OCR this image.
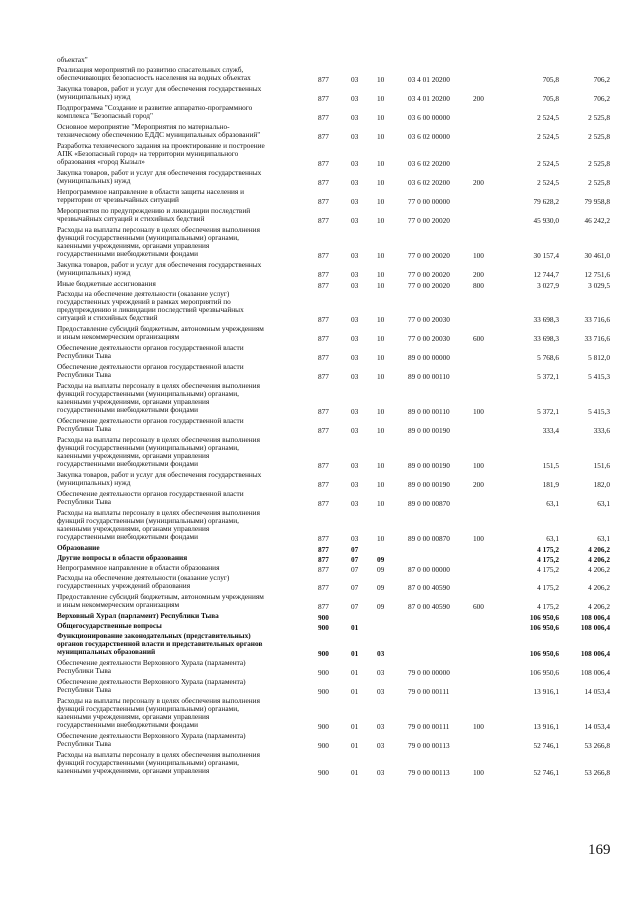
объектах"
Реализация мероприятий по развитию спасательных служб,
обеспечивающих безопасность населения на водных объектах	877	03	10	03 4 01 20200	705,8	706,2
Закупка товаров, работ и услуг для обеспечения государственных
(муниципальных) нужд	877	03	10	03 4 01 20200	200	705,8	706,2
Подпрограмма "Создание и развитие аппаратно-программного
комплекса "Безопасный город"	877	03	10	03 6 00 00000	2 524,5	2 525,8
Основное мероприятие "Мероприятия по материально-
техническому обеспечению ЕДДС муниципальных образований"	877	03	10	03 6 02 00000	2 524,5	2 525,8
Разработка технического задания на проектирование и построение
АПК «Безопасный город» на территории муниципального
образования «город Кызыл»	877	03	10	03 6 02 20200	2 524,5	2 525,8
Закупка товаров, работ и услуг для обеспечения государственных
(муниципальных) нужд	877	03	10	03 6 02 20200	200	2 524,5	2 525,8
Непрограммное направление в области защиты населения и
территории от чрезвычайных ситуаций	877	03	10	77 0 00 00000	79 628,2	79 958,8
Мероприятия по предупреждению и ликвидации последствий
чрезвычайных ситуаций и стихийных бедствий	877	03	10	77 0 00 20020	45 930,0	46 242,2
Расходы на выплаты персоналу в целях обеспечения выполнения
функций государственными (муниципальными) органами,
казенными учреждениями, органами управления
государственными внебюджетными фондами	877	03	10	77 0 00 20020	100	30 157,4	30 461,0
Закупка товаров, работ и услуг для обеспечения государственных
(муниципальных) нужд	877	03	10	77 0 00 20020	200	12 744,7	12 751,6
Иные бюджетные ассигнования	877	03	10	77 0 00 20020	800	3 027,9	3 029,5
Расходы на обеспечение деятельности (оказание услуг)
государственных учреждений в рамках мероприятий по
предупреждению и ликвидации последствий чрезвычайных
ситуаций и стихийных бедствий	877	03	10	77 0 00 20030	33 698,3	33 716,6
Предоставление субсидий бюджетным, автономным учреждениям
и иным некоммерческим организациям	877	03	10	77 0 00 20030	600	33 698,3	33 716,6
Обеспечение деятельности органов государственной власти
Республики Тыва	877	03	10	89 0 00 00000	5 768,6	5 812,0
Обеспечение деятельности органов государственной власти
Республики Тыва	877	03	10	89 0 00 00110	5 372,1	5 415,3
Расходы на выплаты персоналу в целях обеспечения выполнения
функций государственными (муниципальными) органами,
казенными учреждениями, органами управления
государственными внебюджетными фондами	877	03	10	89 0 00 00110	100	5 372,1	5 415,3
Обеспечение деятельности органов государственной власти
Республики Тыва	877	03	10	89 0 00 00190	333,4	333,6
Расходы на выплаты персоналу в целях обеспечения выполнения
функций государственными (муниципальными) органами,
казенными учреждениями, органами управления
государственными внебюджетными фондами	877	03	10	89 0 00 00190	100	151,5	151,6
Закупка товаров, работ и услуг для обеспечения государственных
(муниципальных) нужд	877	03	10	89 0 00 00190	200	181,9	182,0
Обеспечение деятельности органов государственной власти
Республики Тыва	877	03	10	89 0 00 00870	63,1	63,1
Расходы на выплаты персоналу в целях обеспечения выполнения
функций государственными (муниципальными) органами,
казенными учреждениями, органами управления
государственными внебюджетными фондами	877	03	10	89 0 00 00870	100	63,1	63,1
Образование	877	07	4 175,2	4 206,2
Другие вопросы в области образования	877	07	09	4 175,2	4 206,2
Непрограммное направление в области образования	877	07	09	87 0 00 00000	4 175,2	4 206,2
Расходы на обеспечение деятельности (оказание услуг)
государственных учреждений образования	877	07	09	87 0 00 40590	4 175,2	4 206,2
Предоставление субсидий бюджетным, автономным учреждениям
и иным некоммерческим организациям	877	07	09	87 0 00 40590	600	4 175,2	4 206,2
Верховный Хурал (парламент) Республики Тыва	900	106 950,6	108 006,4
Общегосударственные вопросы	900	01	106 950,6	108 006,4
Функционирование законодательных (представительных)
органов государственной власти и представительных органов
муниципальных образований	900	01	03	106 950,6	108 006,4
Обеспечение деятельности Верховного Хурала (парламента)
Республики Тыва	900	01	03	79 0 00 00000	106 950,6	108 006,4
Обеспечение деятельности Верховного Хурала (парламента)
Республики Тыва	900	01	03	79 0 00 00111	13 916,1	14 053,4
Расходы на выплаты персоналу в целях обеспечения выполнения
функций государственными (муниципальными) органами,
казенными учреждениями, органами управления
государственными внебюджетными фондами	900	01	03	79 0 00 00111	100	13 916,1	14 053,4
Обеспечение деятельности Верховного Хурала (парламента)
Республики Тыва	900	01	03	79 0 00 00113	52 746,1	53 266,8
Расходы на выплаты персоналу в целях обеспечения выполнения
функций государственными (муниципальными) органами,
казенными учреждениями, органами управления	900	01	03	79 0 00 00113	100	52 746,1	53 266,8
169
